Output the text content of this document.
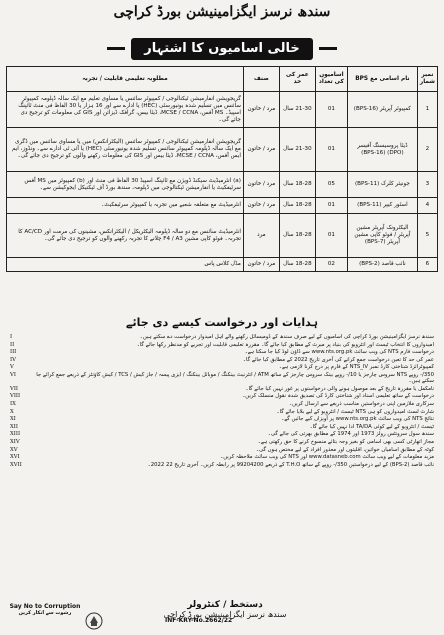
سندھ نرسز ایگزامینیشن بورڈ کراچی
خالی اسامیوں کا اشتہار
نمبر شمار	نام اسامی مع BPS	اسامیوں کی تعداد	عمر کی حد	صنف	مطلوبہ تعلیمی قابلیت / تجربہ
1	کمپیوٹر آپریٹر (BPS-16)	01	21-30 سال	مرد / خاتون	گریجویشن انفارمیشن ٹیکنالوجی / کمپیوٹر سائنس یا مساوی تعلیم مع ایک سالہ ڈپلومہ کمپیوٹر سائنس میں تسلیم شدہ یونیورسٹی (HEC) یا ادارے سے اور 16 ہزار یا 30 الفاظ فی منٹ ٹائپنگ اسپیڈ۔ MS آفس، MCSE / CCNA، ڈیٹا بیس، گرافک ڈیزائن اور GIS کی معلومات کو ترجیح دی جائے گی۔
2	ڈیٹا پروسیسنگ آفیسر (DPO) (BPS-16)	01	21-30 سال	مرد / خاتون	گریجویشن انفارمیشن ٹیکنالوجی / کمپیوٹر سائنس (الیکٹرانکس) میں یا مساوی سائنس میں ڈگری مع ایک سالہ ڈپلومہ کمپیوٹر سائنس تسلیم شدہ یونیورسٹی (HEC) یا آئی ٹی ادارے سے۔ ونڈوز، ایم ایس آفس، MCSE / CCNA، ڈیٹا بیس اور GIS کی معلومات رکھنے والوں کو ترجیح دی جائے گی۔
3	جونیئر کلرک (BPS-11)	05	18-28 سال	مرد / خاتون	(a) انٹرمیڈیٹ سیکنڈ ڈویژن مع ٹائپنگ اسپیڈ 30 الفاظ فی منٹ اور (b) کمپیوٹر میں MS آفس سرٹیفکیٹ یا انفارمیشن ٹیکنالوجی میں ڈپلومہ، سندھ بورڈ آف ٹیکنیکل ایجوکیشن سے۔
4	اسٹور کیپر (BPS-11)	01	18-28 سال	مرد / خاتون	انٹرمیڈیٹ مع متعلقہ شعبے میں تجربہ یا کمپیوٹر سرٹیفکیٹ۔
5	الیکٹرونک آپریٹر مشین آپریٹر / فوٹو کاپی مشین آپریٹر (BPS-7)	01	18-28 سال	مرد	انٹرمیڈیٹ سائنس مع دو سالہ ڈپلومہ الیکٹریکل / الیکٹرانکس، مشینوں کی مرمت اور AC/CD کا تجربہ۔ فوٹو کاپی مشین F4 / A3 چلانے کا تجربہ رکھنے والوں کو ترجیح دی جائے گی۔
6	نائب قاصد (BPS-2)	02	18-28 سال	مرد / خاتون	مڈل کلاس پاس
ہدایات اور درخواست کیسے دی جائے
سندھ نرسز ایگزامینیشن بورڈ کراچی کی اسامیوں کے لیے صرف سندھ کے ڈومیسائل رکھنے والے اہل امیدوار درخواست دے سکتے ہیں۔
I
امیدواروں کا انتخاب ٹیسٹ اور انٹرویو کی بنیاد پر میرٹ کے مطابق کیا جائے گا۔ مقررہ تعلیمی قابلیت اور تجربے کو مدنظر رکھا جائے گا۔
II
درخواست فارم NTS کی ویب سائٹ www.nts.org.pk سے ڈاؤن لوڈ کیا جا سکتا ہے۔
III
عمر کی حد کا تعین درخواست جمع کرانے کی آخری تاریخ 2022 کے مطابق کیا جائے گا۔
IV
کمپیوٹرائزڈ شناختی کارڈ نمبر NTS_IV کے فارم پر درج کرنا لازمی ہے۔
V
350/- روپے NTS سروس چارجز یا 10/- روپے بینک سروس چارجز کے ساتھ ATM / انٹرنیٹ بینکنگ / موبائل بینکنگ / ایزی پیسہ / جاز کیش / TCS / کیش کاؤنٹر کے ذریعے جمع کرائے جا سکتے ہیں۔
VI
نامکمل یا مقررہ تاریخ کے بعد موصول ہونے والی درخواستوں پر غور نہیں کیا جائے گا۔
VII
درخواست کے ساتھ تعلیمی اسناد اور شناختی کارڈ کی تصدیق شدہ نقول منسلک کریں۔
VIII
سرکاری ملازمین اپنی درخواستیں مناسب ذریعے سے ارسال کریں۔
IX
شارٹ لسٹ امیدواروں کو ہی NTS ٹیسٹ / انٹرویو کے لیے بلایا جائے گا۔
X
نتائج NTS کی ویب سائٹ www.nts.org.pk پر آویزاں کیے جائیں گے۔
XI
ٹیسٹ / انٹرویو کے لیے کوئی TA/DA ادا نہیں کیا جائے گا۔
XII
سندھ سول سرونٹس رولز 1973 اور 1974 کے مطابق بھرتی کی جائے گی۔
XIII
مجاز اتھارٹی کسی بھی اسامی کو بغیر وجہ بتائے منسوخ کرنے کا حق رکھتی ہے۔
XIV
کوٹہ کے مطابق اسامیاں خواتین، اقلیتوں اور معذور افراد کے لیے مختص ہوں گی۔
XV
مزید معلومات کے لیے ویب سائٹ www.datasneb.com اور NTS کی ویب سائٹ ملاحظہ کریں۔
XVI
نائب قاصد (BPS-2) کے لیے درخواستیں 350/- روپے کے ساتھ T.H.O کے ذریعے 99204200 پر رابطہ کریں۔ آخری تاریخ 22 2022۔
XVII
Say No to Corruption
رشوت سے انکار کریں
دستخط / کنٹرولر
سندھ نرسز ایگزامینیشن بورڈ کراچی
INF-KRY-No.2662/22
